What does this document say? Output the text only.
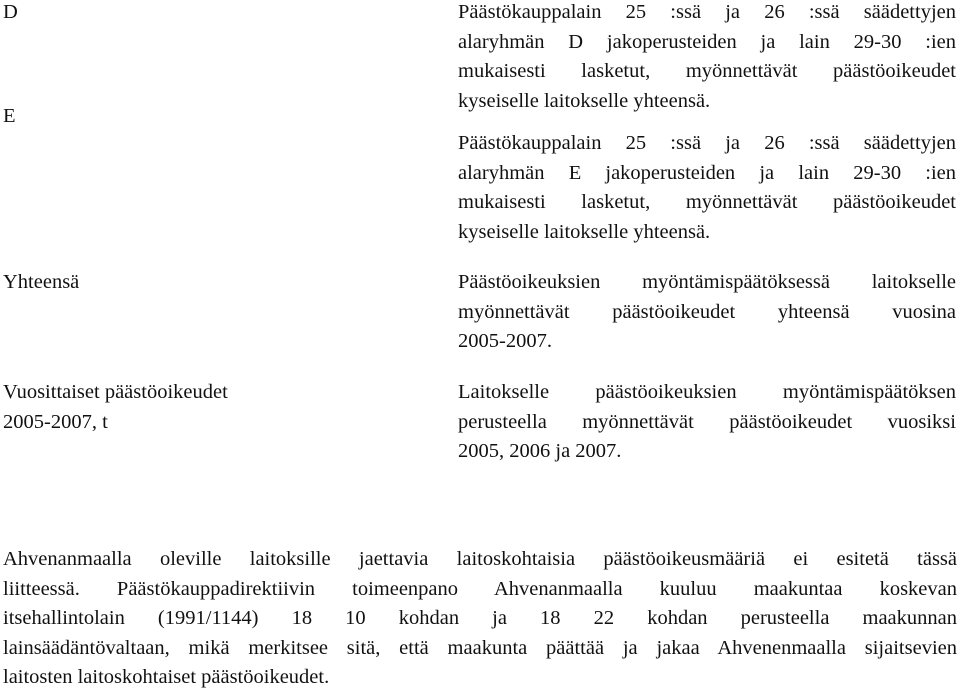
D	Päästökauppalain 25 :ssä ja 26 :ssä säädettyjen
alaryhmän D jakoperusteiden ja lain 29-30 :ien
mukaisesti lasketut, myönnettävät päästöoikeudet
kyseiselle laitokselle yhteensä.
E
Päästökauppalain 25 :ssä ja 26 :ssä säädettyjen
alaryhmän E jakoperusteiden ja lain 29-30 :ien
mukaisesti lasketut, myönnettävät päästöoikeudet
kyseiselle laitokselle yhteensä.
Yhteensä	Päästöoikeuksien myöntämispäätöksessä laitokselle
myönnettävät päästöoikeudet yhteensä vuosina
2005-2007.
Vuosittaiset päästöoikeudet
2005-2007, t
Laitokselle päästöoikeuksien myöntämispäätöksen
perusteella myönnettävät päästöoikeudet vuosiksi
2005, 2006 ja 2007.
Ahvenanmaalla oleville laitoksille jaettavia laitoskohtaisia päästöoikeusmääriä ei esitetä tässä
liitteessä. Päästökauppadirektiivin toimeenpano Ahvenanmaalla kuuluu maakuntaa koskevan
itsehallintolain (1991/1144) 18 10 kohdan ja 18 22 kohdan perusteella maakunnan
lainsäädäntövaltaan, mikä merkitsee sitä, että maakunta päättää ja jakaa Ahvenenmaalla sijaitsevien
laitosten laitoskohtaiset päästöoikeudet.
